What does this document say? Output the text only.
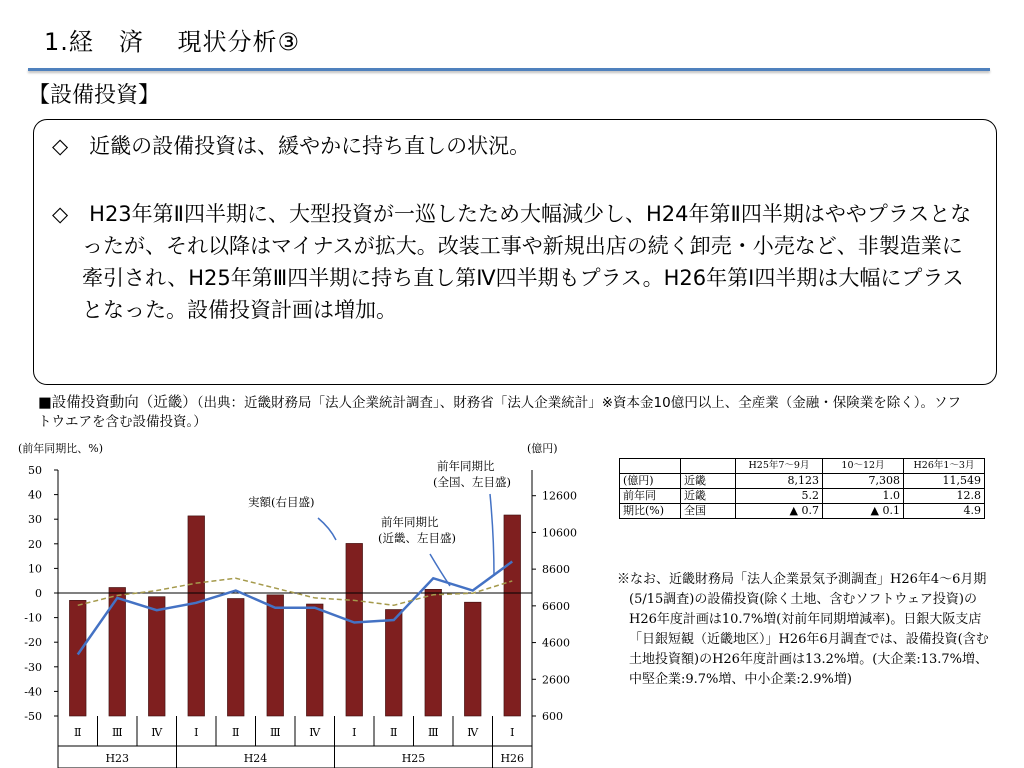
1.経　済　 現状分析③
【設備投資】
◇　近畿の設備投資は、緩やかに持ち直しの状況。
◇　H23年第Ⅱ四半期に、大型投資が一巡したため大幅減少し、H24年第Ⅱ四半期はややプラスとなったが、それ以降はマイナスが拡大。改装工事や新規出店の続く卸売・小売など、非製造業に牽引され、H25年第Ⅲ四半期に持ち直し第Ⅳ四半期もプラス。H26年第Ⅰ四半期は大幅にプラスとなった。設備投資計画は増加。
■設備投資動向（近畿）（出典：近畿財務局「法人企業統計調査」、財務省「法人企業統計」※資本金10億円以上、全産業（金融・保険業を除く）。ソフトウエアを含む設備投資。）
(前年同期比、%)	(億円)
-50
-40
-30
-20
-10
0
10
20
30
40
50
600
2600
4600
6600
8600
10600
12600
Ⅱ	Ⅲ	Ⅳ	Ⅰ	Ⅱ	Ⅲ	Ⅳ	Ⅰ	Ⅱ	Ⅲ	Ⅳ	Ⅰ
H23	H24	H25	H26
実額(右目盛)
前年同期比
(近畿、左目盛)
前年同期比
(全国、左目盛)
		H25年7～9月	10～12月	H26年1～3月
(億円)	近畿	8,123	7,308	11,549
前年同	近畿	5.2	1.0	12.8
期比(%)	全国	▲ 0.7	▲ 0.1	4.9
※なお、近畿財務局「法人企業景気予測調査」H26年4～6月期(5/15調査)の設備投資(除く土地、含むソフトウェア投資)のH26年度計画は10.7%増(対前年同期増減率)。日銀大阪支店「日銀短観（近畿地区）」H26年6月調査では、設備投資(含む土地投資額)のH26年度計画は13.2%増。(大企業:13.7%増、中堅企業:9.7%増、中小企業:2.9%増)
